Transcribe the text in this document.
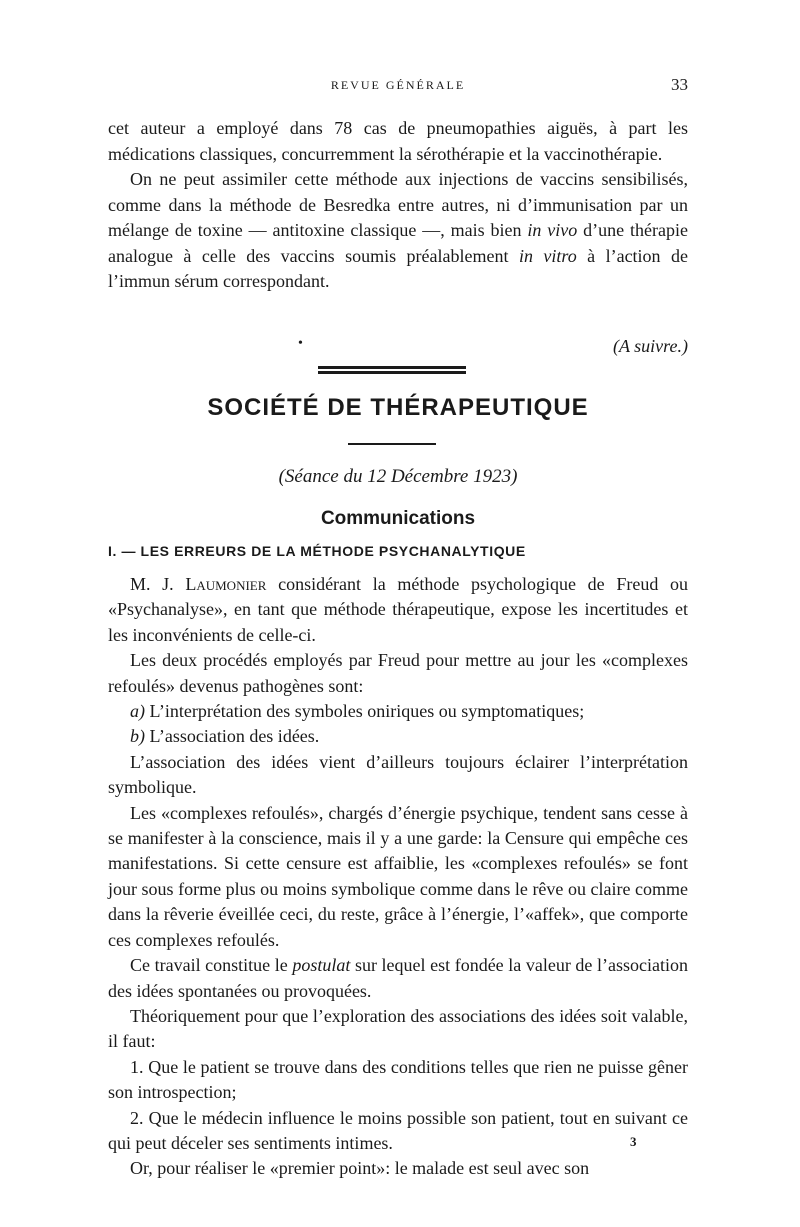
REVUE GÉNÉRALE	33

cet auteur a employé dans 78 cas de pneumopathies aiguës, à part les médications classiques, concurremment la sérothérapie et la vaccinothérapie.

On ne peut assimiler cette méthode aux injections de vaccins sensibilisés, comme dans la méthode de Besredka entre autres, ni d’immunisation par un mélange de toxine — antitoxine classique —, mais bien in vivo d’une thérapie analogue à celle des vaccins soumis préalablement in vitro à l’action de l’immun sérum correspondant.

•	(A suivre.)
SOCIÉTÉ DE THÉRAPEUTIQUE
(Séance du 12 Décembre 1923)
Communications
I. — LES ERREURS DE LA MÉTHODE PSYCHANALYTIQUE

M. J. Laumonier considérant la méthode psychologique de Freud ou «Psychanalyse», en tant que méthode thérapeutique, expose les incertitudes et les inconvénients de celle-ci.

Les deux procédés employés par Freud pour mettre au jour les «complexes refoulés» devenus pathogènes sont:

a) L’interprétation des symboles oniriques ou symptomatiques;

b) L’association des idées.

L’association des idées vient d’ailleurs toujours éclairer l’interprétation symbolique.

Les «complexes refoulés», chargés d’énergie psychique, tendent sans cesse à se manifester à la conscience, mais il y a une garde: la Censure qui empêche ces manifestations. Si cette censure est affaiblie, les «complexes refoulés» se font jour sous forme plus ou moins symbolique comme dans le rêve ou claire comme dans la rêverie éveillée ceci, du reste, grâce à l’énergie, l’«affek», que comporte ces complexes refoulés.

Ce travail constitue le postulat sur lequel est fondée la valeur de l’association des idées spontanées ou provoquées.

Théoriquement pour que l’exploration des associations des idées soit valable, il faut:

1. Que le patient se trouve dans des conditions telles que rien ne puisse gêner son introspection;

2. Que le médecin influence le moins possible son patient, tout en suivant ce qui peut déceler ses sentiments intimes.

Or, pour réaliser le «premier point»: le malade est seul avec son

3
